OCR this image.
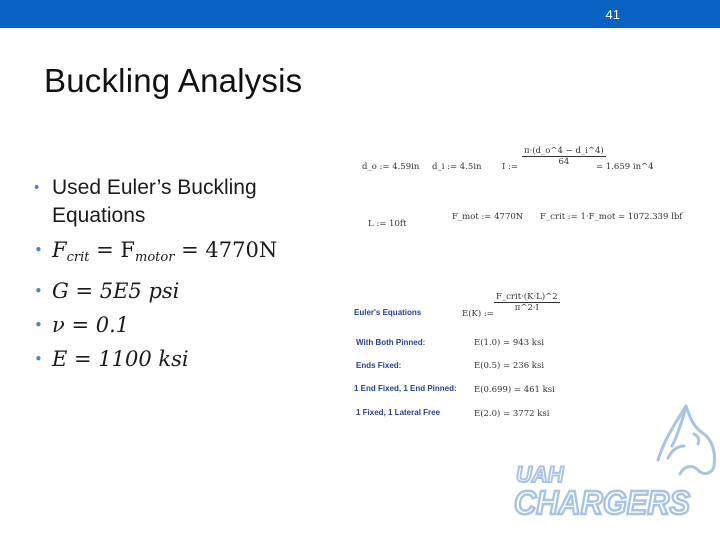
41
Buckling Analysis
• Used Euler’s Buckling Equations
• $F_{crit} = F_{motor} = 4770N$
• G = 5E5 psi
• ν = 0.1
• E = 1100 ksi
d_o := 4.59in d_i := 4.5in I := $\frac{\pi\cdot(d\_o\^{}4 - d\_i\^{}4)}{64}$
= 1.659 in^4
L := 10ft
F_mot := 4770N F_crit := 1·F_mot = 1072.339 lbf
Euler's Equations	E(K) :=
F_crit·(K·L)^2
π^2·I
With Both Pinned:	E(1.0) = 943 ksi
Ends Fixed:	E(0.5) = 236 ksi
1 End Fixed, 1 End Pinned: E(0.699) = 461 ksi
1 Fixed, 1 Lateral Free	E(2.0) = 3772 ksi
UAH
CHARGERS
